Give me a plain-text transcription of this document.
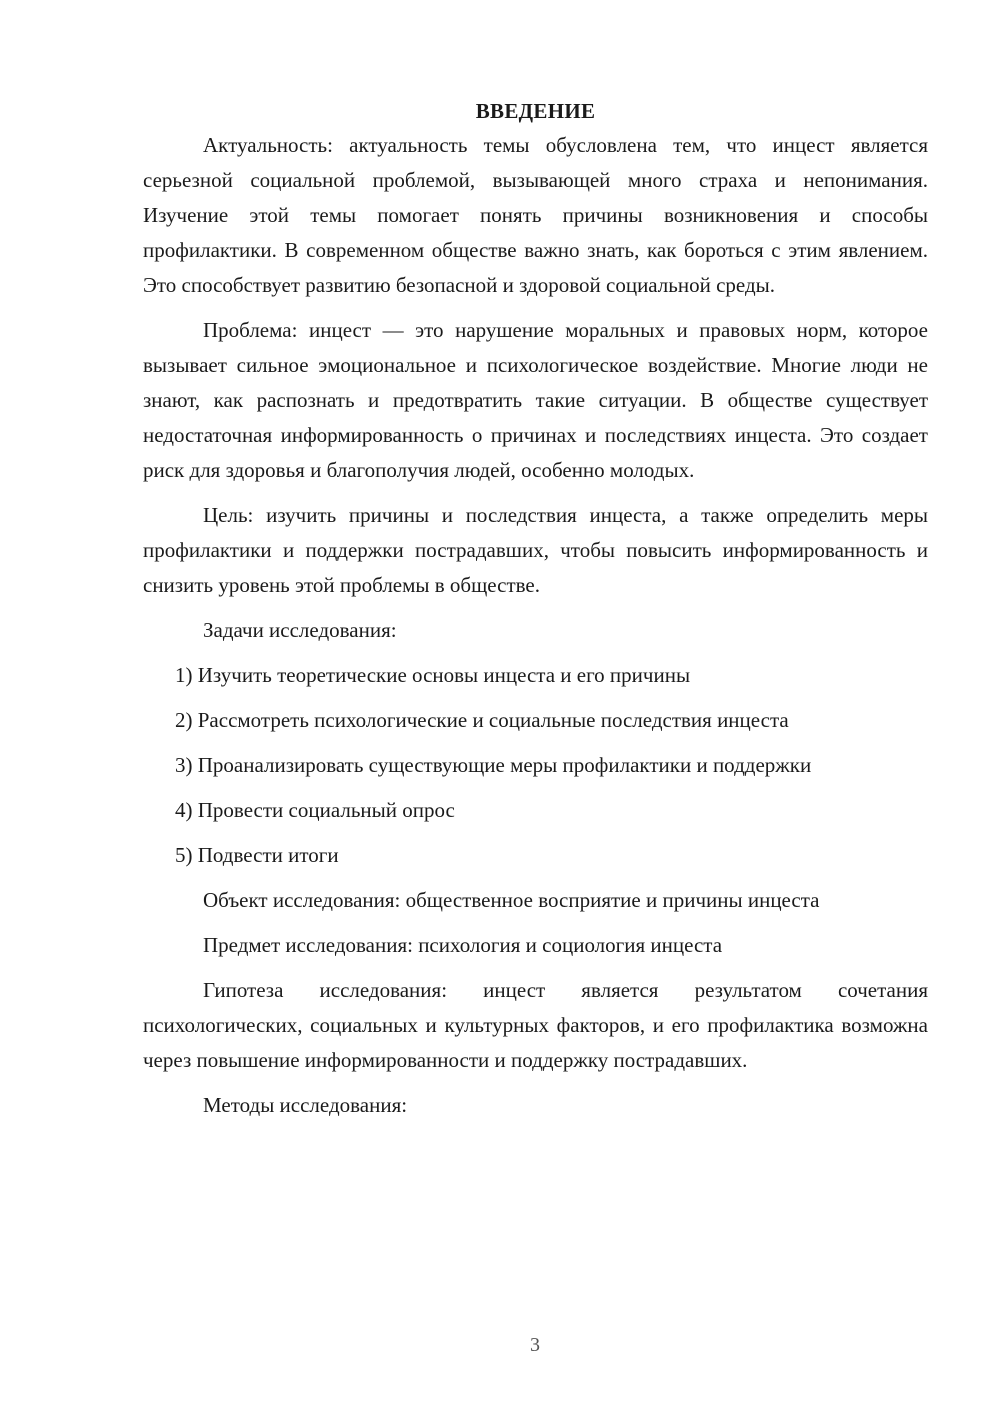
ВВЕДЕНИЕ

Актуальность: актуальность темы обусловлена тем, что инцест является серьезной социальной проблемой, вызывающей много страха и непонимания. Изучение этой темы помогает понять причины возникновения и способы профилактики. В современном обществе важно знать, как бороться с этим явлением. Это способствует развитию безопасной и здоровой социальной среды.

Проблема: инцест — это нарушение моральных и правовых норм, которое вызывает сильное эмоциональное и психологическое воздействие. Многие люди не знают, как распознать и предотвратить такие ситуации. В обществе существует недостаточная информированность о причинах и последствиях инцеста. Это создает риск для здоровья и благополучия людей, особенно молодых.

Цель: изучить причины и последствия инцеста, а также определить меры профилактики и поддержки пострадавших, чтобы повысить информированность и снизить уровень этой проблемы в обществе.

Задачи исследования:

1) Изучить теоретические основы инцеста и его причины

2) Рассмотреть психологические и социальные последствия инцеста

3) Проанализировать существующие меры профилактики и поддержки

4) Провести социальный опрос

5) Подвести итоги

Объект исследования: общественное восприятие и причины инцеста

Предмет исследования: психология и социология инцеста

Гипотеза исследования: инцест является результатом сочетания психологических, социальных и культурных факторов, и его профилактика возможна через повышение информированности и поддержку пострадавших.

Методы исследования:

3
